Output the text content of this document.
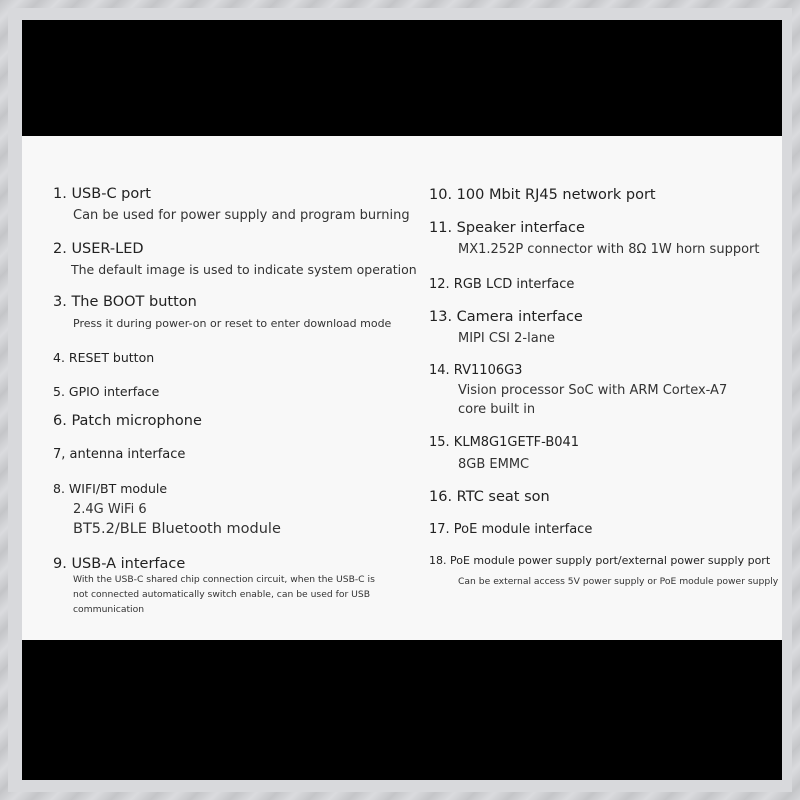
1. USB-C port
Can be used for power supply and program burning
2. USER-LED
The default image is used to indicate system operation
3. The BOOT button
Press it during power-on or reset to enter download mode
4. RESET button
5. GPIO interface
6. Patch microphone
7, antenna interface
8. WIFI/BT module
2.4G WiFi 6
BT5.2/BLE Bluetooth module
9. USB-A interface
With the USB-C shared chip connection circuit, when the USB-C is
not connected automatically switch enable, can be used for USB
communication
10. 100 Mbit RJ45 network port
11. Speaker interface
MX1.252P connector with 8Ω 1W horn support
12. RGB LCD interface
13. Camera interface
MIPI CSI 2-lane
14. RV1106G3
Vision processor SoC with ARM Cortex-A7
core built in
15. KLM8G1GETF-B041
8GB EMMC
16. RTC seat son
17. PoE module interface
18. PoE module power supply port/external power supply port
Can be external access 5V power supply or PoE module power supply
